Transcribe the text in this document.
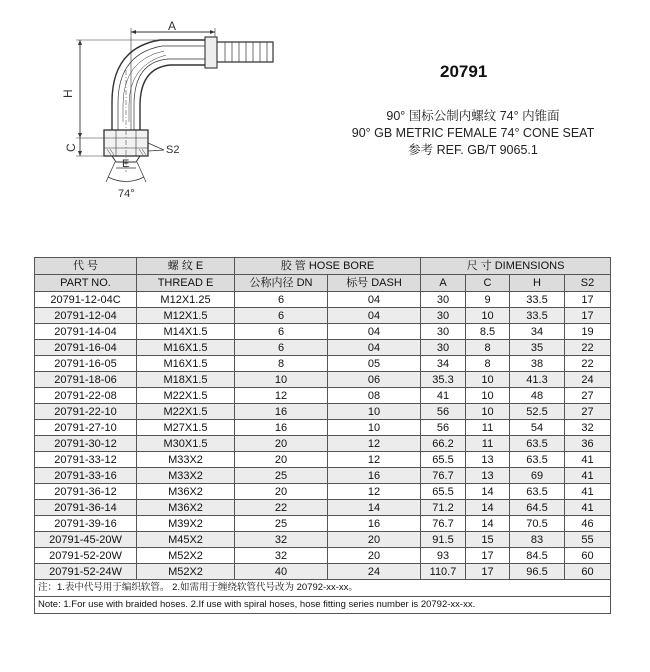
A
H
C
E
S2
74°
20791
90° 国标公制内螺纹 74° 内锥面
90° GB METRIC FEMALE 74° CONE SEAT
参考 REF. GB/T 9065.1
代 号	螺 纹 E	胶 管 HOSE BORE		尺 寸 DIMENSIONS			
PART NO.	THREAD E	公称内径 DN	标号 DASH	A	C	H	S2
20791-12-04C	M12X1.25	6	04	30	9	33.5	17
20791-12-04	M12X1.5	6	04	30	10	33.5	17
20791-14-04	M14X1.5	6	04	30	8.5	34	19
20791-16-04	M16X1.5	6	04	30	8	35	22
20791-16-05	M16X1.5	8	05	34	8	38	22
20791-18-06	M18X1.5	10	06	35.3	10	41.3	24
20791-22-08	M22X1.5	12	08	41	10	48	27
20791-22-10	M22X1.5	16	10	56	10	52.5	27
20791-27-10	M27X1.5	16	10	56	11	54	32
20791-30-12	M30X1.5	20	12	66.2	11	63.5	36
20791-33-12	M33X2	20	12	65.5	13	63.5	41
20791-33-16	M33X2	25	16	76.7	13	69	41
20791-36-12	M36X2	20	12	65.5	14	63.5	41
20791-36-14	M36X2	22	14	71.2	14	64.5	41
20791-39-16	M39X2	25	16	76.7	14	70.5	46
20791-45-20W	M45X2	32	20	91.5	15	83	55
20791-52-20W	M52X2	32	20	93	17	84.5	60
20791-52-24W	M52X2	40	24	110.7	17	96.5	60
注：1.表中代号用于编织软管。 2.如需用于缠绕软管代号改为 20792-xx-xx。							
Note: 1.For use with braided hoses. 2.If use with spiral hoses, hose fitting series number is 20792-xx-xx.							
